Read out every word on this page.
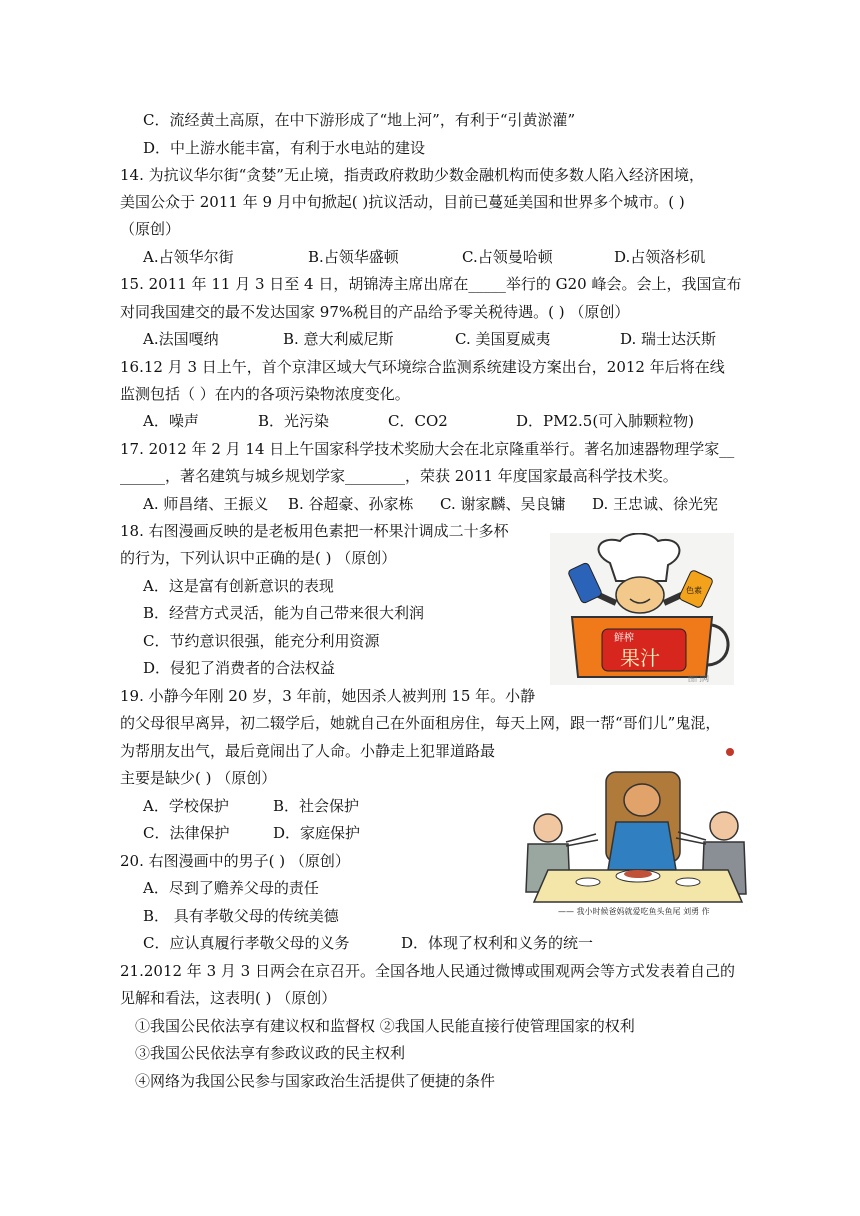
C．流经黄土高原，在中下游形成了“地上河”，有利于“引黄淤灌”
D．中上游水能丰富，有利于水电站的建设
14. 为抗议华尔街“贪婪”无止境，指责政府救助少数金融机构而使多数人陷入经济困境，
美国公众于 2011 年 9 月中旬掀起( )抗议活动，目前已蔓延美国和世界多个城市。( )
（原创）
A.占领华尔街	B.占领华盛顿	C.占领曼哈顿	D.占领洛杉矶
15. 2011 年 11 月 3 日至 4 日，胡锦涛主席出席在_____举行的 G20 峰会。会上，我国宣布
对同我国建交的最不发达国家 97%税目的产品给予零关税待遇。( ) （原创）
A.法国嘎纳	B. 意大利威尼斯	C. 美国夏威夷	D. 瑞士达沃斯
16.12 月 3 日上午，首个京津区域大气环境综合监测系统建设方案出台，2012 年后将在线
监测包括（ ）在内的各项污染物浓度变化。
A．噪声	B．光污染	C．CO2	D．PM2.5(可入肺颗粒物)
17. 2012 年 2 月 14 日上午国家科学技术奖励大会在北京隆重举行。著名加速器物理学家__
______，著名建筑与城乡规划学家________，荣获 2011 年度国家最高科学技术奖。
A. 师昌绪、王振义 B. 谷超豪、孙家栋 C. 谢家麟、吴良镛 D. 王忠诚、徐光宪
18. 右图漫画反映的是老板用色素把一杯果汁调成二十多杯
的行为，下列认识中正确的是( ) （原创）
A．这是富有创新意识的表现
B．经营方式灵活，能为自己带来很大利润
C．节约意识很强，能充分利用资源
D．侵犯了消费者的合法权益
19. 小静今年刚 20 岁，3 年前，她因杀人被判刑 15 年。小静
的父母很早离异，初二辍学后，她就自己在外面租房住，每天上网，跟一帮“哥们儿”鬼混，
为帮朋友出气，最后竟闹出了人命。小静走上犯罪道路最
主要是缺少( ) （原创）
A．学校保护	B．社会保护
C．法律保护	D．家庭保护
20. 右图漫画中的男子( ) （原创）
A．尽到了赡养父母的责任
B． 具有孝敬父母的传统美德
C．应认真履行孝敬父母的义务	D．体现了权利和义务的统一
21.2012 年 3 月 3 日两会在京召开。全国各地人民通过微博或围观两会等方式发表着自己的
见解和看法，这表明( ) （原创）
①我国公民依法享有建议权和监督权 ②我国人民能直接行使管理国家的权利
③我国公民依法享有参政议政的民主权利
④网络为我国公民参与国家政治生活提供了便捷的条件
色素
鲜榨
果汁
图门网
—— 我小时候爸妈就爱吃鱼头鱼尾 刘勇 作
